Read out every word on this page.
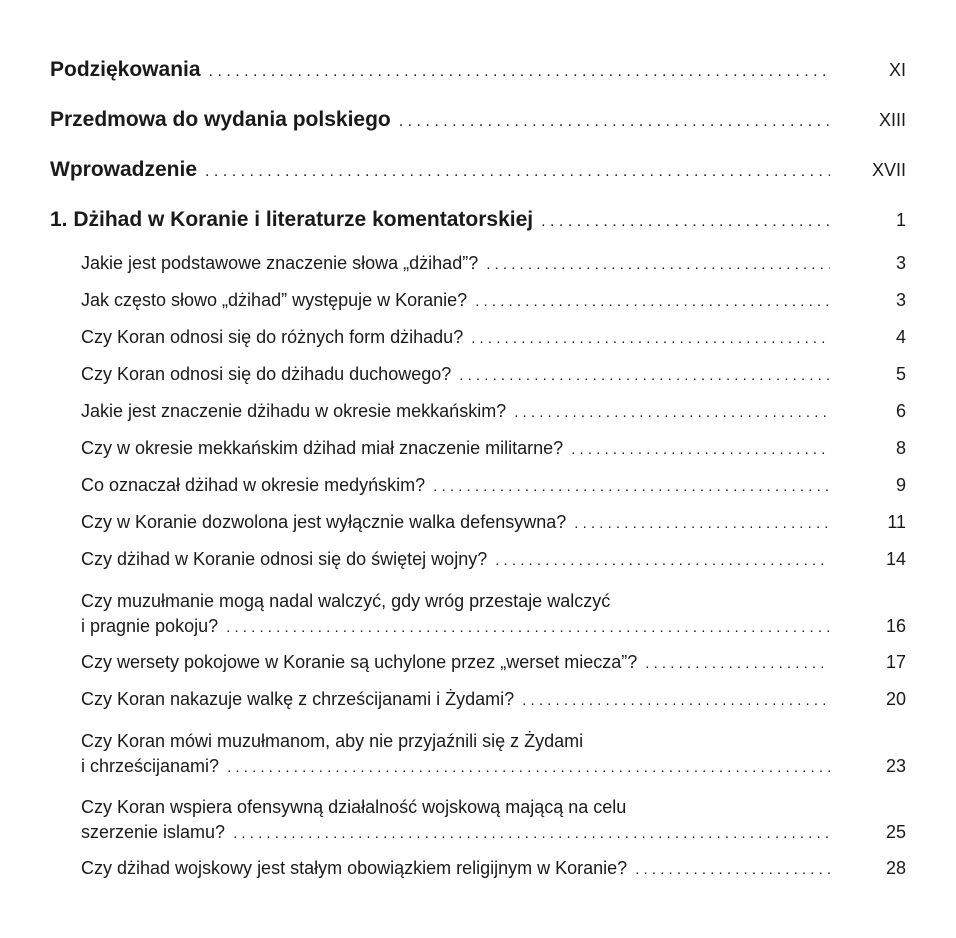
Podziękowania . . .	XI
Przedmowa do wydania polskiego . . .	XIII
Wprowadzenie . . .	XVII
1. Dżihad w Koranie i literaturze komentatorskiej . . .	1
Jakie jest podstawowe znaczenie słowa „dżihad”? . . .	3
Jak często słowo „dżihad” występuje w Koranie? . . .	3
Czy Koran odnosi się do różnych form dżihadu? . . .	4
Czy Koran odnosi się do dżihadu duchowego? . . .	5
Jakie jest znaczenie dżihadu w okresie mekkańskim? . . .	6
Czy w okresie mekkańskim dżihad miał znaczenie militarne? . . .	8
Co oznaczał dżihad w okresie medyńskim? . . .	9
Czy w Koranie dozwolona jest wyłącznie walka defensywna? . . .	11
Czy dżihad w Koranie odnosi się do świętej wojny? . . .	14
Czy muzułmanie mogą nadal walczyć, gdy wróg przestaje walczyć
i pragnie pokoju? . . .	16
Czy wersety pokojowe w Koranie są uchylone przez „werset miecza”? . . .	17
Czy Koran nakazuje walkę z chrześcijanami i Żydami? . . .	20
Czy Koran mówi muzułmanom, aby nie przyjaźnili się z Żydami
i chrześcijanami? . . .	23
Czy Koran wspiera ofensywną działalność wojskową mającą na celu
szerzenie islamu? . . .	25
Czy dżihad wojskowy jest stałym obowiązkiem religijnym w Koranie? . . .	28
